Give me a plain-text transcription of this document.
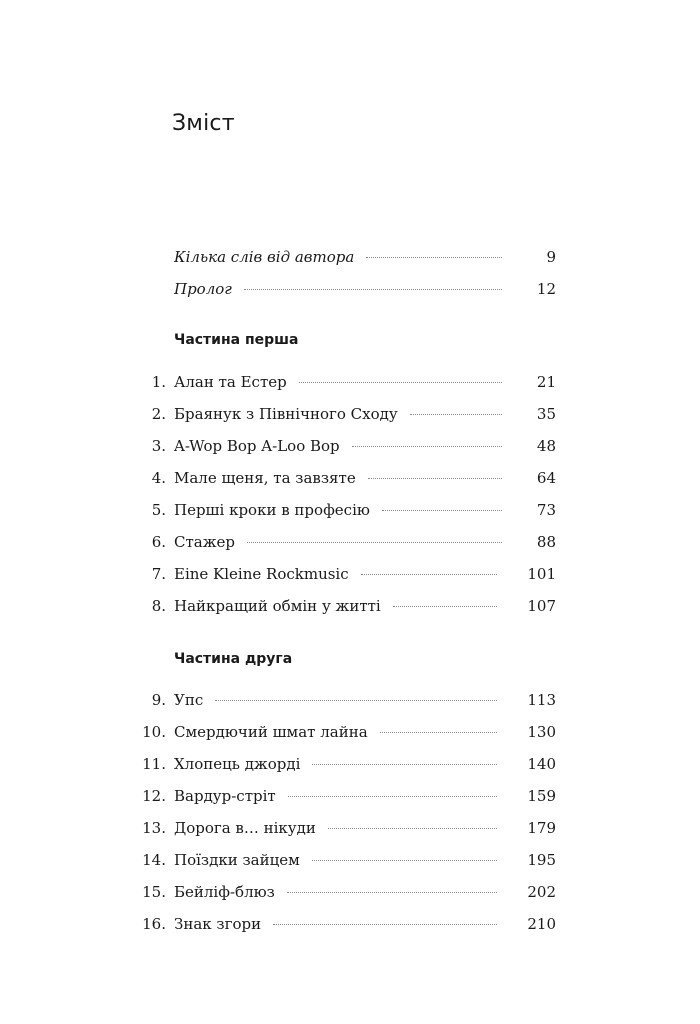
Зміст
Кілька слів від автора	9
Пролог	12
Частина перша
1. Алан та Естер	21
2. Браянук з Північного Сходу	35
3. A-Wop Bop A-Loo Bop	48
4. Мале щеня, та завзяте	64
5. Перші кроки в професію	73
6. Стажер	88
7. Eine Kleine Rockmusic	101
8. Найкращий обмін у житті	107
Частина друга
9. Упс	113
10. Смердючий шмат лайна	130
11. Хлопець джорді	140
12. Вардур-стріт	159
13. Дорога в… нікуди	179
14. Поїздки зайцем	195
15. Бейліф-блюз	202
16. Знак згори	210
